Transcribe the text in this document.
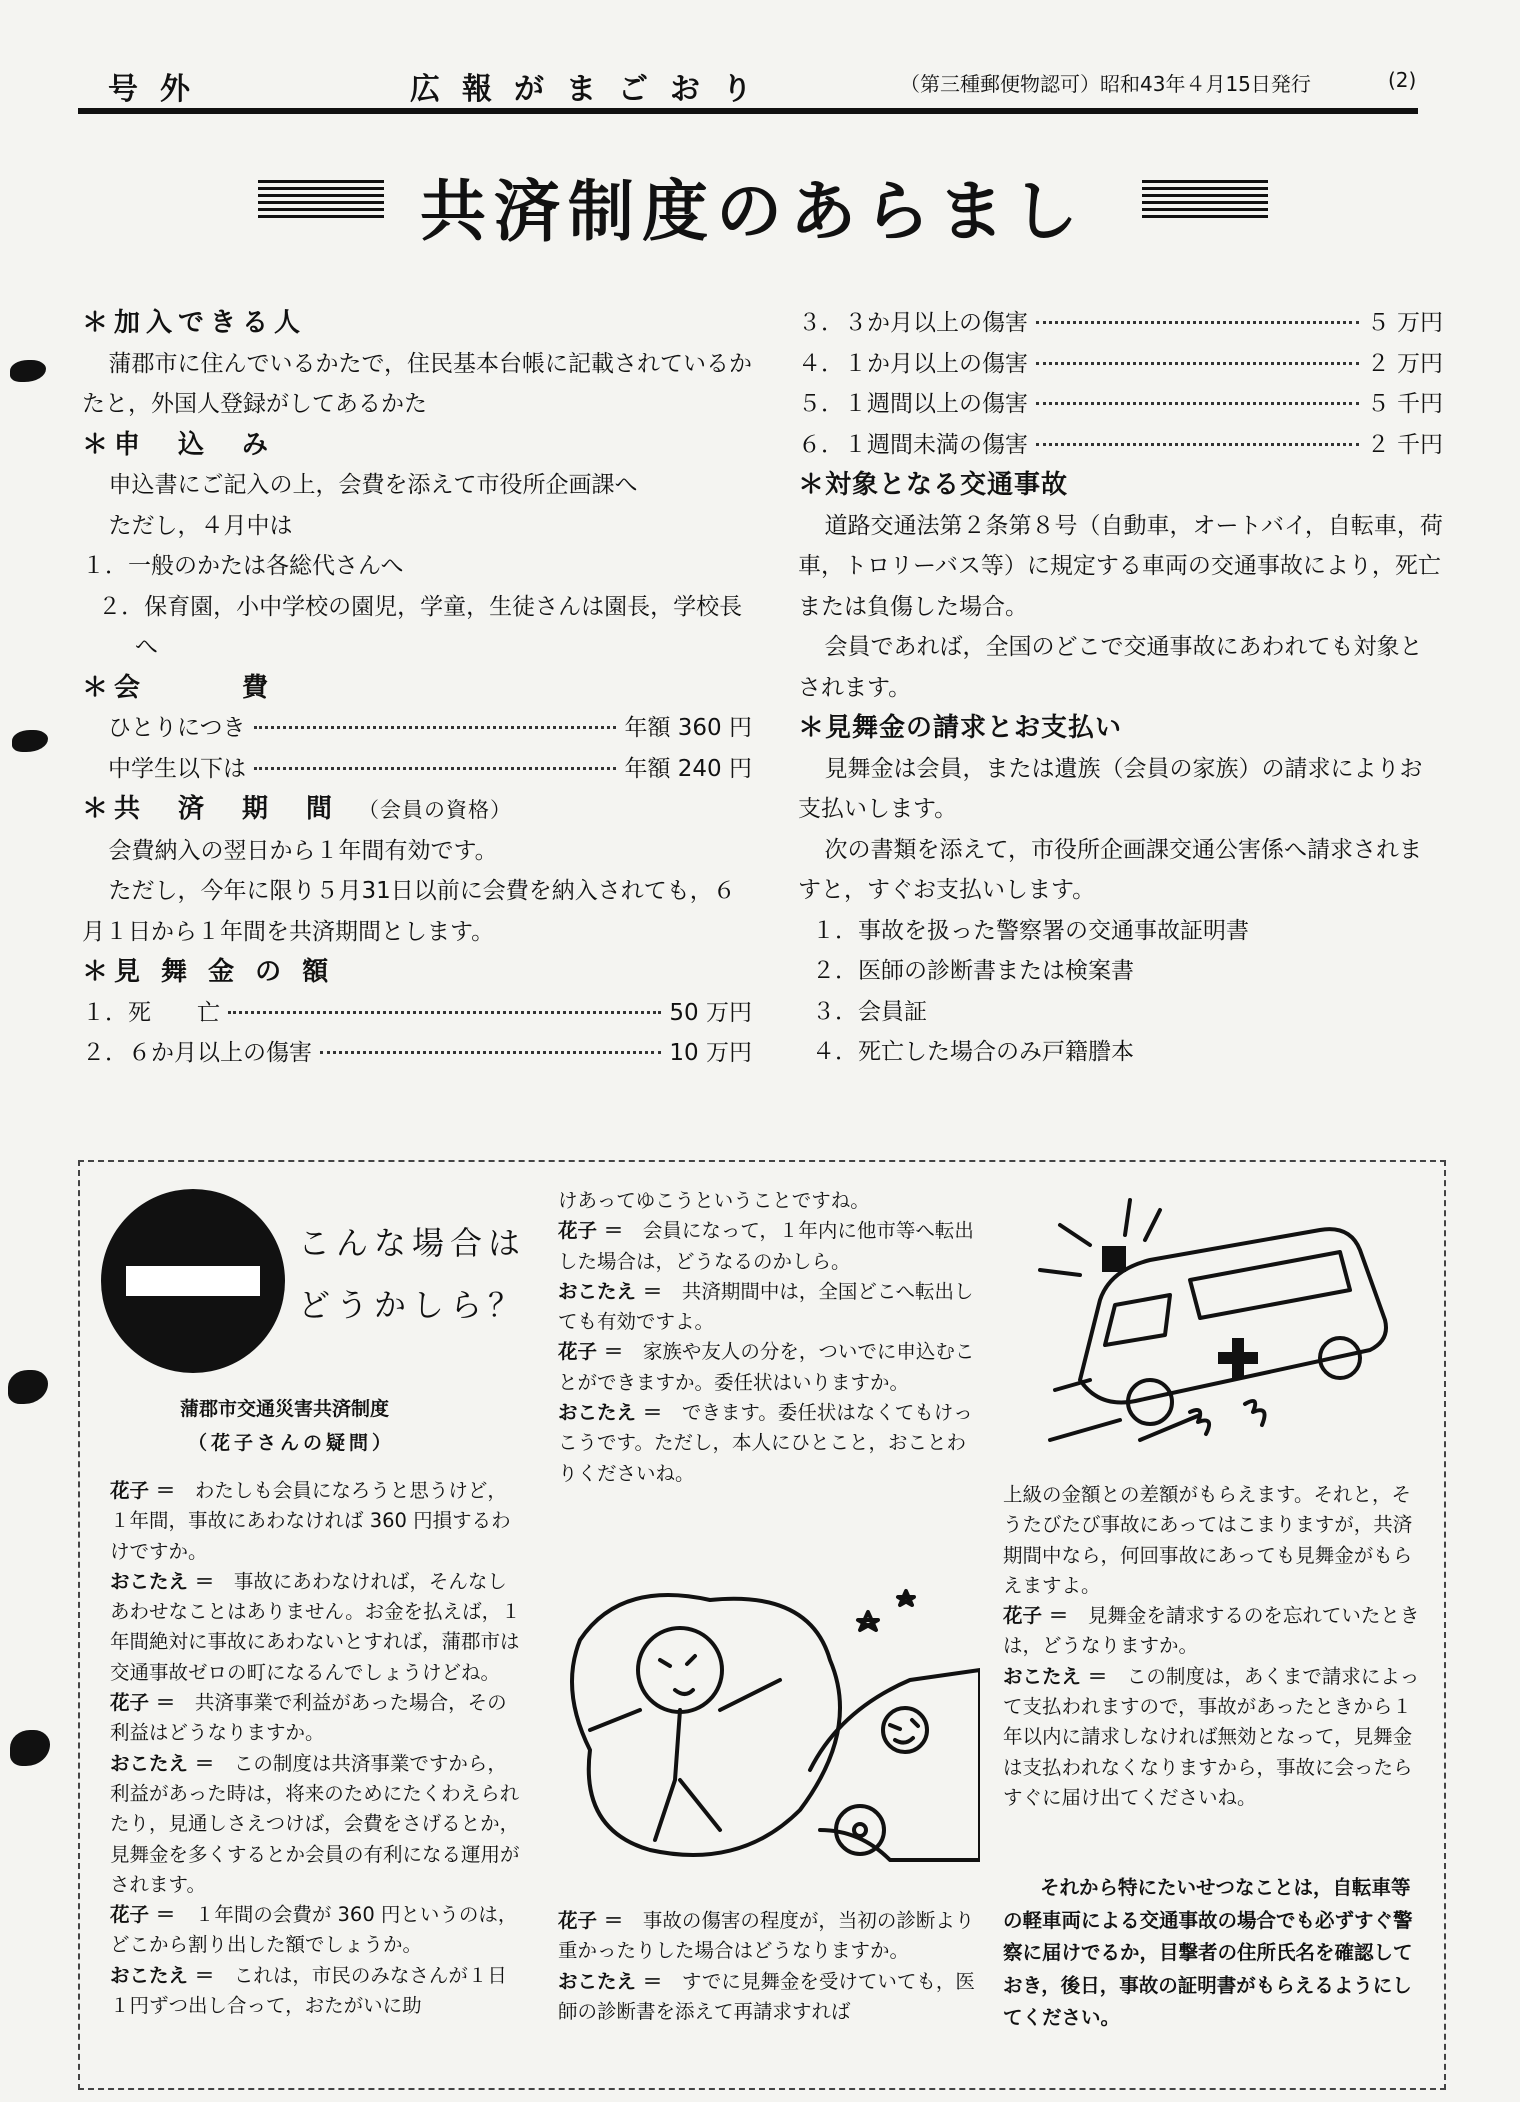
号外	広報がまごおり	（第三種郵便物認可）昭和43年４月15日発行	(2)
共済制度のあらまし

＊加入できる人

蒲郡市に住んでいるかたで，住民基本台帳に記載されているかたと，外国人登録がしてあるかた

＊申　込　み

申込書にご記入の上，会費を添えて市役所企画課へ

ただし，４月中は

１．一般のかたは各総代さんへ

２．保育園，小中学校の園児，学童，生徒さんは園長，学校長へ

＊会　　　費

ひとりにつき	年額 360 円

中学生以下は	年額 240 円

＊共　済　期　間 （会員の資格）

会費納入の翌日から１年間有効です。

ただし，今年に限り５月31日以前に会費を納入されても，６月１日から１年間を共済期間とします。

＊見 舞 金 の 額

１．死　　亡	50 万円

２．６か月以上の傷害	10 万円

３．３か月以上の傷害	５ 万円

４．１か月以上の傷害	２ 万円

５．１週間以上の傷害	５ 千円

６．１週間未満の傷害	２ 千円

＊対象となる交通事故

道路交通法第２条第８号（自動車，オートバイ，自転車，荷車，トロリーバス等）に規定する車両の交通事故により，死亡または負傷した場合。

会員であれば，全国のどこで交通事故にあわれても対象とされます。

＊見舞金の請求とお支払い

見舞金は会員，または遺族（会員の家族）の請求によりお支払いします。

次の書類を添えて，市役所企画課交通公害係へ請求されますと，すぐお支払いします。

１．事故を扱った警察署の交通事故証明書

２．医師の診断書または検案書

３．会員証

４．死亡した場合のみ戸籍謄本

こんな場合は
どうかしら？
蒲郡市交通災害共済制度
（花子さんの疑問）

花子 ＝　 わたしも会員になろうと思うけど，１年間，事故にあわなければ 360 円損するわけですか。

おこたえ ＝　 事故にあわなければ，そんなしあわせなことはありません。お金を払えば，１年間絶対に事故にあわないとすれば，蒲郡市は交通事故ゼロの町になるんでしょうけどね。

花子 ＝　 共済事業で利益があった場合，その利益はどうなりますか。

おこたえ ＝　 この制度は共済事業ですから，利益があった時は，将来のためにたくわえられたり，見通しさえつけば，会費をさげるとか，見舞金を多くするとか会員の有利になる運用がされます。

花子 ＝　 １年間の会費が 360 円というのは，どこから割り出した額でしょうか。

おこたえ ＝　 これは，市民のみなさんが１日１円ずつ出し合って，おたがいに助

けあってゆこうということですね。

花子 ＝　 会員になって，１年内に他市等へ転出した場合は，どうなるのかしら。

おこたえ ＝　 共済期間中は，全国どこへ転出しても有効ですよ。

花子 ＝　 家族や友人の分を，ついでに申込むことができますか。委任状はいりますか。

おこたえ ＝　 できます。委任状はなくてもけっこうです。ただし，本人にひとこと，おことわりくださいね。

花子 ＝　 事故の傷害の程度が，当初の診断より重かったりした場合はどうなりますか。

おこたえ ＝　 すでに見舞金を受けていても，医師の診断書を添えて再請求すれば

上級の金額との差額がもらえます。それと，そうたびたび事故にあってはこまりますが，共済期間中なら，何回事故にあっても見舞金がもらえますよ。

花子 ＝　 見舞金を請求するのを忘れていたときは，どうなりますか。

おこたえ ＝　 この制度は，あくまで請求によって支払われますので，事故があったときから１年以内に請求しなければ無効となって，見舞金は支払われなくなりますから，事故に会ったらすぐに届け出てくださいね。

それから特にたいせつなことは，自転車等の軽車両による交通事故の場合でも必ずすぐ警察に届けでるか，目撃者の住所氏名を確認しておき，後日，事故の証明書がもらえるようにしてください。
